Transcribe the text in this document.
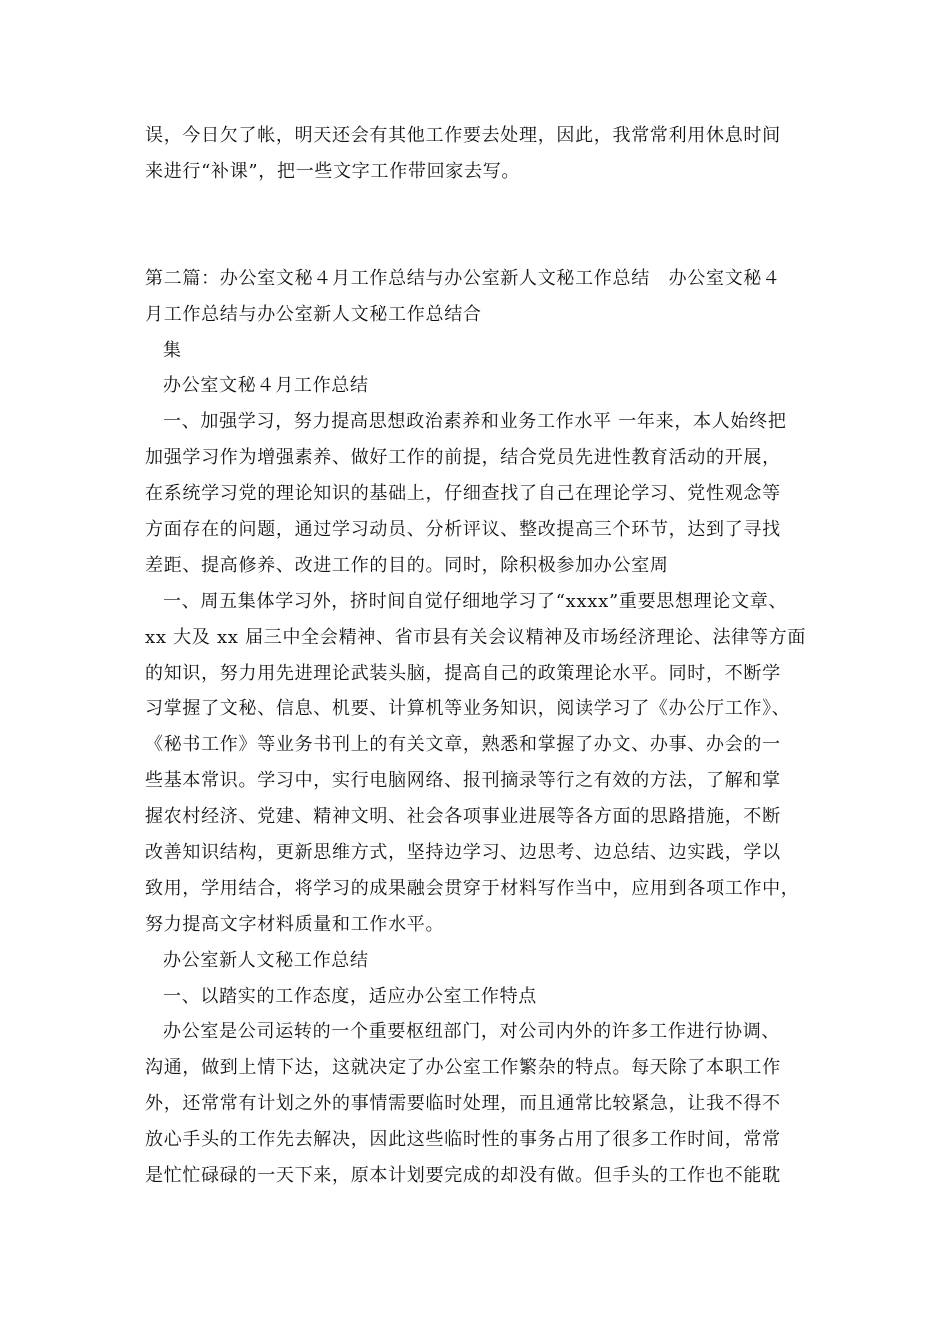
误，今日欠了帐，明天还会有其他工作要去处理，因此，我常常利用休息时间
来进行“补课”，把一些文字工作带回家去写。
第二篇：办公室文秘４月工作总结与办公室新人文秘工作总结　办公室文秘４
月工作总结与办公室新人文秘工作总结合
集
办公室文秘４月工作总结
一、加强学习，努力提高思想政治素养和业务工作水平 一年来，本人始终把
加强学习作为增强素养、做好工作的前提，结合党员先进性教育活动的开展，
在系统学习党的理论知识的基础上，仔细查找了自己在理论学习、党性观念等
方面存在的问题，通过学习动员、分析评议、整改提高三个环节，达到了寻找
差距、提高修养、改进工作的目的。同时，除积极参加办公室周
一、周五集体学习外，挤时间自觉仔细地学习了“xxxx”重要思想理论文章、
xx 大及 xx 届三中全会精神、省市县有关会议精神及市场经济理论、法律等方面
的知识，努力用先进理论武装头脑，提高自己的政策理论水平。同时，不断学
习掌握了文秘、信息、机要、计算机等业务知识，阅读学习了《办公厅工作》、
《秘书工作》等业务书刊上的有关文章，熟悉和掌握了办文、办事、办会的一
些基本常识。学习中，实行电脑网络、报刊摘录等行之有效的方法，了解和掌
握农村经济、党建、精神文明、社会各项事业进展等各方面的思路措施，不断
改善知识结构，更新思维方式，坚持边学习、边思考、边总结、边实践，学以
致用，学用结合，将学习的成果融会贯穿于材料写作当中，应用到各项工作中，
努力提高文字材料质量和工作水平。
办公室新人文秘工作总结
一、以踏实的工作态度，适应办公室工作特点
办公室是公司运转的一个重要枢纽部门，对公司内外的许多工作进行协调、
沟通，做到上情下达，这就决定了办公室工作繁杂的特点。每天除了本职工作
外，还常常有计划之外的事情需要临时处理，而且通常比较紧急，让我不得不
放心手头的工作先去解决，因此这些临时性的事务占用了很多工作时间，常常
是忙忙碌碌的一天下来，原本计划要完成的却没有做。但手头的工作也不能耽
